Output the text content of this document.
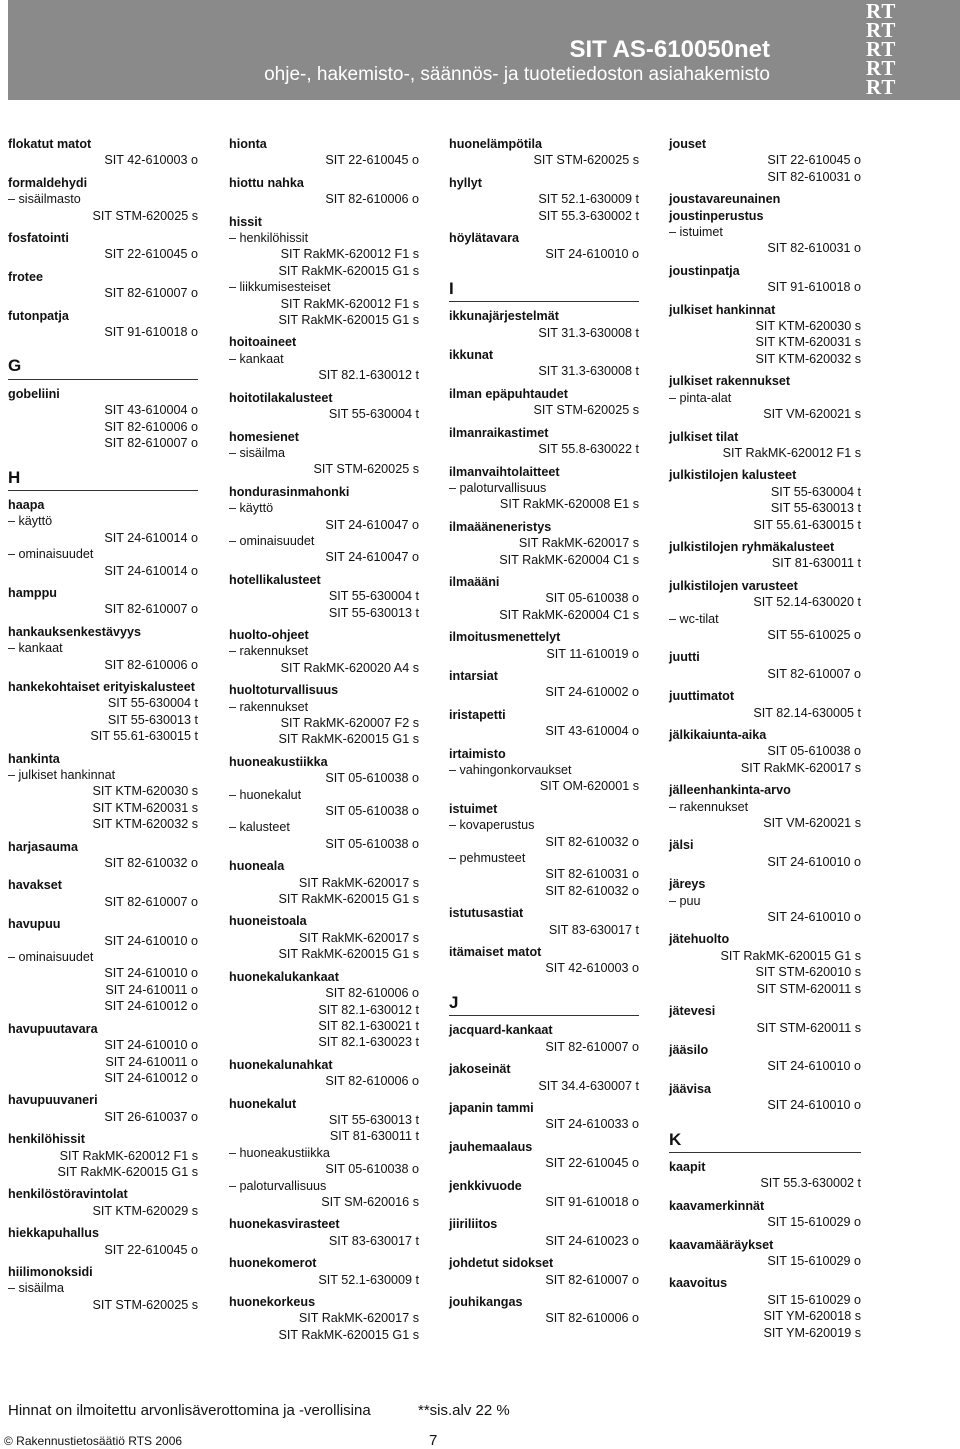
SIT AS-610050net
ohje-, hakemisto-, säännös- ja tuotetiedoston asiahakemisto
RT
RT
RT
RT
RT
flokatut matot
SIT 42-610003 o
formaldehydi
– sisäilmasto
SIT STM-620025 s
fosfatointi
SIT 22-610045 o
frotee
SIT 82-610007 o
futonpatja
SIT 91-610018 o
G
gobeliini
SIT 43-610004 o
SIT 82-610006 o
SIT 82-610007 o
H
haapa
– käyttö
SIT 24-610014 o
– ominaisuudet
SIT 24-610014 o
hamppu
SIT 82-610007 o
hankauksenkestävyys
– kankaat
SIT 82-610006 o
hankekohtaiset erityiskalusteet
SIT 55-630004 t
SIT 55-630013 t
SIT 55.61-630015 t
hankinta
– julkiset hankinnat
SIT KTM-620030 s
SIT KTM-620031 s
SIT KTM-620032 s
harjasauma
SIT 82-610032 o
havakset
SIT 82-610007 o
havupuu
SIT 24-610010 o
– ominaisuudet
SIT 24-610010 o
SIT 24-610011 o
SIT 24-610012 o
havupuutavara
SIT 24-610010 o
SIT 24-610011 o
SIT 24-610012 o
havupuuvaneri
SIT 26-610037 o
henkilöhissit
SIT RakMK-620012 F1 s
SIT RakMK-620015 G1 s
henkilöstöravintolat
SIT KTM-620029 s
hiekkapuhallus
SIT 22-610045 o
hiilimonoksidi
– sisäilma
SIT STM-620025 s
hionta
SIT 22-610045 o
hiottu nahka
SIT 82-610006 o
hissit
– henkilöhissit
SIT RakMK-620012 F1 s
SIT RakMK-620015 G1 s
– liikkumisesteiset
SIT RakMK-620012 F1 s
SIT RakMK-620015 G1 s
hoitoaineet
– kankaat
SIT 82.1-630012 t
hoitotilakalusteet
SIT 55-630004 t
homesienet
– sisäilma
SIT STM-620025 s
hondurasinmahonki
– käyttö
SIT 24-610047 o
– ominaisuudet
SIT 24-610047 o
hotellikalusteet
SIT 55-630004 t
SIT 55-630013 t
huolto-ohjeet
– rakennukset
SIT RakMK-620020 A4 s
huoltoturvallisuus
– rakennukset
SIT RakMK-620007 F2 s
SIT RakMK-620015 G1 s
huoneakustiikka
SIT 05-610038 o
– huonekalut
SIT 05-610038 o
– kalusteet
SIT 05-610038 o
huoneala
SIT RakMK-620017 s
SIT RakMK-620015 G1 s
huoneistoala
SIT RakMK-620017 s
SIT RakMK-620015 G1 s
huonekalukankaat
SIT 82-610006 o
SIT 82.1-630012 t
SIT 82.1-630021 t
SIT 82.1-630023 t
huonekalunahkat
SIT 82-610006 o
huonekalut
SIT 55-630013 t
SIT 81-630011 t
– huoneakustiikka
SIT 05-610038 o
– paloturvallisuus
SIT SM-620016 s
huonekasvirasteet
SIT 83-630017 t
huonekomerot
SIT 52.1-630009 t
huonekorkeus
SIT RakMK-620017 s
SIT RakMK-620015 G1 s
huonelämpötila
SIT STM-620025 s
hyllyt
SIT 52.1-630009 t
SIT 55.3-630002 t
höylätavara
SIT 24-610010 o
I
ikkunajärjestelmät
SIT 31.3-630008 t
ikkunat
SIT 31.3-630008 t
ilman epäpuhtaudet
SIT STM-620025 s
ilmanraikastimet
SIT 55.8-630022 t
ilmanvaihtolaitteet
– paloturvallisuus
SIT RakMK-620008 E1 s
ilmaääneneristys
SIT RakMK-620017 s
SIT RakMK-620004 C1 s
ilmaääni
SIT 05-610038 o
SIT RakMK-620004 C1 s
ilmoitusmenettelyt
SIT 11-610019 o
intarsiat
SIT 24-610002 o
iristapetti
SIT 43-610004 o
irtaimisto
– vahingonkorvaukset
SIT OM-620001 s
istuimet
– kovaperustus
SIT 82-610032 o
– pehmusteet
SIT 82-610031 o
SIT 82-610032 o
istutusastiat
SIT 83-630017 t
itämaiset matot
SIT 42-610003 o
J
jacquard-kankaat
SIT 82-610007 o
jakoseinät
SIT 34.4-630007 t
japanin tammi
SIT 24-610033 o
jauhemaalaus
SIT 22-610045 o
jenkkivuode
SIT 91-610018 o
jiiriliitos
SIT 24-610023 o
johdetut sidokset
SIT 82-610007 o
jouhikangas
SIT 82-610006 o
jouset
SIT 22-610045 o
SIT 82-610031 o
joustavareunainen joustinperustus
– istuimet
SIT 82-610031 o
joustinpatja
SIT 91-610018 o
julkiset hankinnat
SIT KTM-620030 s
SIT KTM-620031 s
SIT KTM-620032 s
julkiset rakennukset
– pinta-alat
SIT VM-620021 s
julkiset tilat
SIT RakMK-620012 F1 s
julkistilojen kalusteet
SIT 55-630004 t
SIT 55-630013 t
SIT 55.61-630015 t
julkistilojen ryhmäkalusteet
SIT 81-630011 t
julkistilojen varusteet
SIT 52.14-630020 t
– wc-tilat
SIT 55-610025 o
juutti
SIT 82-610007 o
juuttimatot
SIT 82.14-630005 t
jälkikaiunta-aika
SIT 05-610038 o
SIT RakMK-620017 s
jälleenhankinta-arvo
– rakennukset
SIT VM-620021 s
jälsi
SIT 24-610010 o
järeys
– puu
SIT 24-610010 o
jätehuolto
SIT RakMK-620015 G1 s
SIT STM-620010 s
SIT STM-620011 s
jätevesi
SIT STM-620011 s
jääsilo
SIT 24-610010 o
jäävisa
SIT 24-610010 o
K
kaapit
SIT 55.3-630002 t
kaavamerkinnät
SIT 15-610029 o
kaavamääräykset
SIT 15-610029 o
kaavoitus
SIT 15-610029 o
SIT YM-620018 s
SIT YM-620019 s
Hinnat on ilmoitettu arvonlisäverottomina ja -verollisina	**sis.alv 22 %
© Rakennustietosäätiö RTS 2006	7
